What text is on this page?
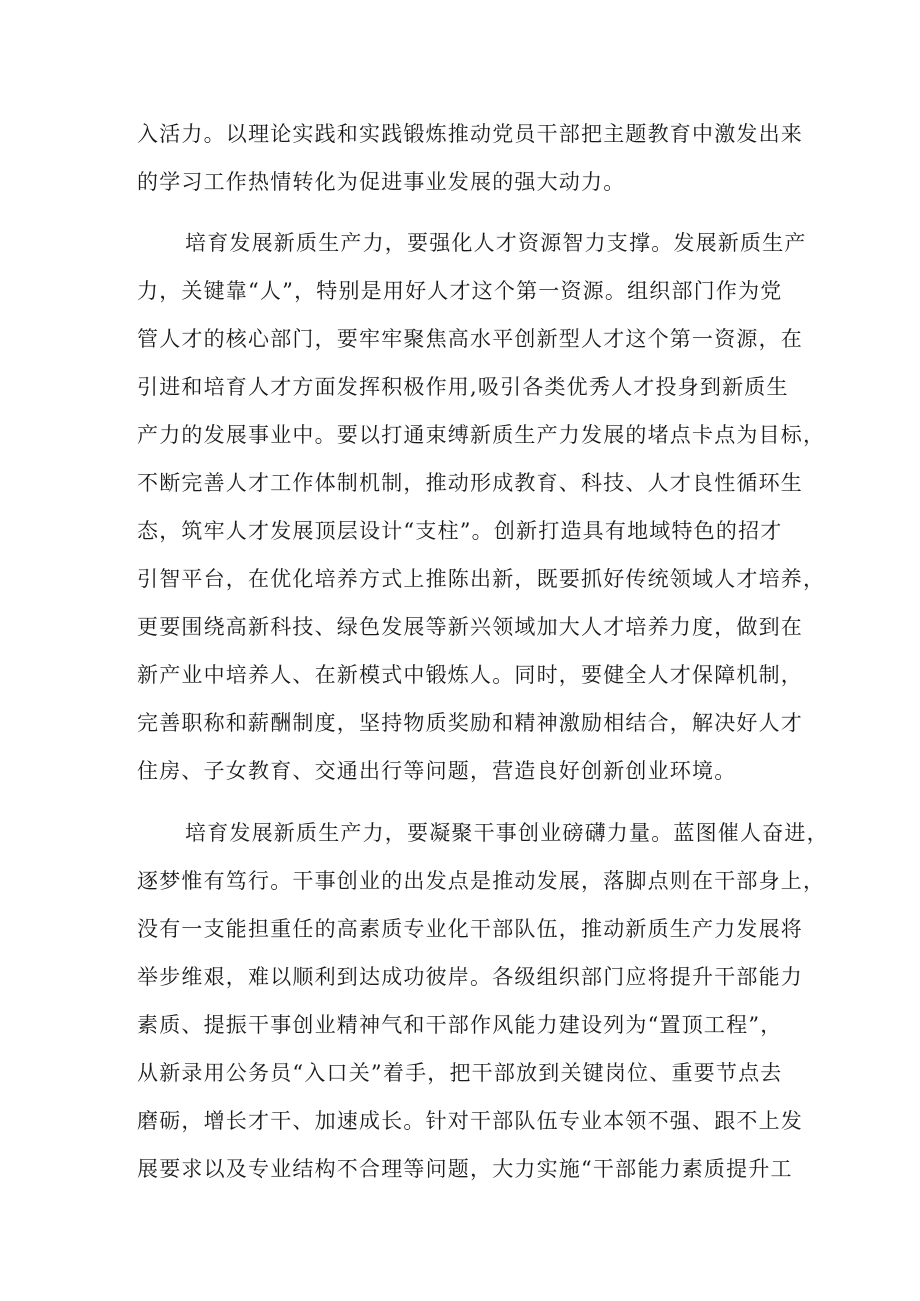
入活力。以理论实践和实践锻炼推动党员干部把主题教育中激发出来
的学习工作热情转化为促进事业发展的强大动力。
培育发展新质生产力，要强化人才资源智力支撑。发展新质生产
力，关键靠“人”，特别是用好人才这个第一资源。组织部门作为党
管人才的核心部门，要牢牢聚焦高水平创新型人才这个第一资源，在
引进和培育人才方面发挥积极作用,吸引各类优秀人才投身到新质生
产力的发展事业中。要以打通束缚新质生产力发展的堵点卡点为目标，
不断完善人才工作体制机制，推动形成教育、科技、人才良性循环生
态，筑牢人才发展顶层设计“支柱”。创新打造具有地域特色的招才
引智平台，在优化培养方式上推陈出新，既要抓好传统领域人才培养，
更要围绕高新科技、绿色发展等新兴领域加大人才培养力度，做到在
新产业中培养人、在新模式中锻炼人。同时，要健全人才保障机制，
完善职称和薪酬制度，坚持物质奖励和精神激励相结合，解决好人才
住房、子女教育、交通出行等问题，营造良好创新创业环境。
培育发展新质生产力，要凝聚干事创业磅礴力量。蓝图催人奋进，
逐梦惟有笃行。干事创业的出发点是推动发展，落脚点则在干部身上，
没有一支能担重任的高素质专业化干部队伍，推动新质生产力发展将
举步维艰，难以顺利到达成功彼岸。各级组织部门应将提升干部能力
素质、提振干事创业精神气和干部作风能力建设列为“置顶工程”，
从新录用公务员“入口关”着手，把干部放到关键岗位、重要节点去
磨砺，增长才干、加速成长。针对干部队伍专业本领不强、跟不上发
展要求以及专业结构不合理等问题，大力实施“干部能力素质提升工
